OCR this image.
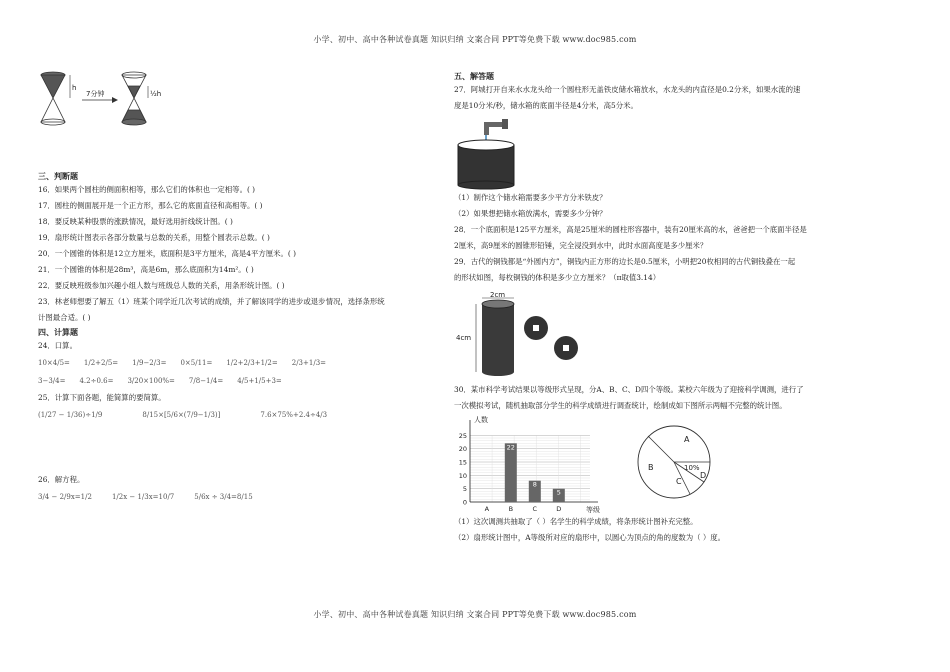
小学、初中、高中各种试卷真题 知识归纳 文案合同 PPT等免费下载 www.doc985.com
h
7分钟	½h

三、判断题

16．如果两个圆柱的侧面积相等，那么它们的体积也一定相等。( )

17．圆柱的侧面展开是一个正方形，那么它的底面直径和高相等。( )

18．要反映某种股票的涨跌情况，最好选用折线统计图。( )

19．扇形统计图表示各部分数量与总数的关系，用整个圆表示总数。( )

20．一个圆锥的体积是12立方厘米，底面积是3平方厘米，高是4平方厘米。( )

21．一个圆锥的体积是28m³，高是6m，那么底面积为14m²。( )

22．要反映班级参加兴趣小组人数与班级总人数的关系，用条形统计图。( )

23．林老师想要了解五（1）班某个同学近几次考试的成绩，并了解该同学的进步或退步情况，选择条形统

计图最合适。( )

四、计算题

24．口算。

10×4/5= 1/2+2/5= 1/9−2/3= 0×5/11= 1/2+2/3+1/2= 2/3+1/3=
3−3/4= 4.2÷0.6= 3/20×100%= 7/8−1/4= 4/5+1/5+3=

25．计算下面各题，能简算的要简算。

(1/27 − 1/36)÷1/9	8/15×[5/6×(7/9−1/3)]	7.6×75%+2.4÷4/3

26．解方程。

3/4 − 2/9x=1/2	1/2x − 1/3x=10/7	5/6x ÷ 3/4=8/15

五、解答题

27．阿城打开自来水水龙头给一个圆柱形无盖铁皮储水箱放水，水龙头的内直径是0.2分米，如果水流的速

度是10分米/秒，储水箱的底面半径是4分米，高5分米。

（1）制作这个储水箱需要多少平方分米铁皮？

（2）如果想把储水箱放满水，需要多少分钟？

28．一个底面积是125平方厘米，高是25厘米的圆柱形容器中，装有20厘米高的水，爸爸把一个底面半径是

2厘米，高9厘米的圆锥形铅锤，完全浸没到水中，此时水面高度是多少厘米？

29．古代的铜钱都是“外圆内方”，铜钱内正方形的边长是0.5厘米，小明把20枚相同的古代铜钱叠在一起

的形状如图，每枚铜钱的体积是多少立方厘米？（π取值3.14）

2cm
4cm

30．某市科学考试结果以等级形式呈现，分A、B、C、D四个等级。某校六年级为了迎接科学调测，进行了

一次模拟考试，随机抽取部分学生的科学成绩进行调查统计，绘制成如下图所示两幅不完整的统计图。

0
5
10
15
20
25
人数
等级
A
22
B
8
C
5
D
A
B
C
D
10%

（1）这次调测共抽取了（ ）名学生的科学成绩，将条形统计图补充完整。

（2）扇形统计图中，A等级所对应的扇形中，以圆心为顶点的角的度数为（ ）度。

小学、初中、高中各种试卷真题 知识归纳 文案合同 PPT等免费下载 www.doc985.com
